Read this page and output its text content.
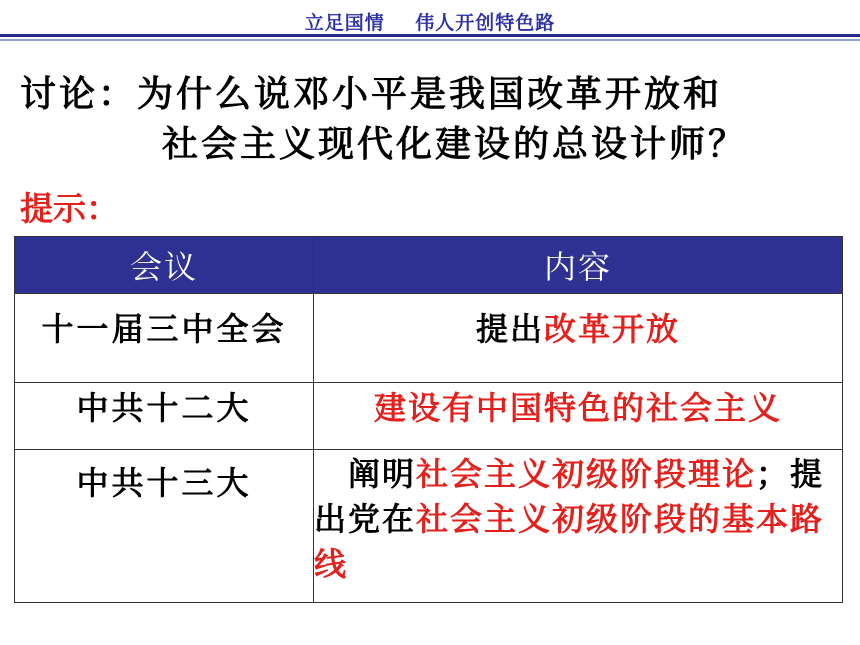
立足国情    伟人开创特色路
讨论：为什么说邓小平是我国改革开放和
社会主义现代化建设的总设计师？
提示：
会议	内容
十一届三中全会	提出改革开放
中共十二大	建设有中国特色的社会主义
中共十三大	　阐明社会主义初级阶段理论；提出党在社会主义初级阶段的基本路线
